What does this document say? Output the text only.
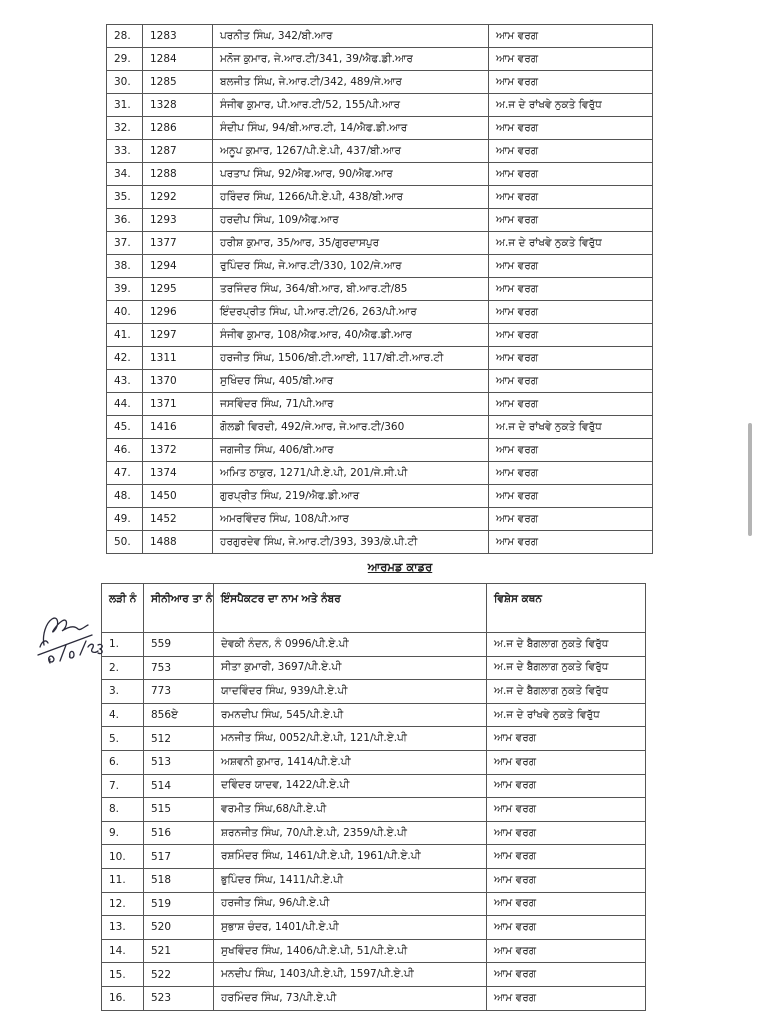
28.	1283	ਪਰਨੀਤ ਸਿੰਘ, 342/ਬੀ.ਆਰ	ਆਮ ਵਰਗ
29.	1284	ਮਨੋਜ ਕੁਮਾਰ, ਜੇ.ਆਰ.ਟੀ/341, 39/ਐਫ.ਡੀ.ਆਰ	ਆਮ ਵਰਗ
30.	1285	ਬਲਜੀਤ ਸਿੰਘ, ਜੇ.ਆਰ.ਟੀ/342, 489/ਜੇ.ਆਰ	ਆਮ ਵਰਗ
31.	1328	ਸੰਜੀਵ ਕੁਮਾਰ, ਪੀ.ਆਰ.ਟੀ/52, 155/ਪੀ.ਆਰ	ਅ.ਜ ਦੇ ਰਾਂਖਵੇ ਨੁਕਤੇ ਵਿਰੁੱਧ
32.	1286	ਸੰਦੀਪ ਸਿੰਘ, 94/ਬੀ.ਆਰ.ਟੀ, 14/ਐਫ.ਡੀ.ਆਰ	ਆਮ ਵਰਗ
33.	1287	ਅਨੂਪ ਕੁਮਾਰ, 1267/ਪੀ.ਏ.ਪੀ, 437/ਬੀ.ਆਰ	ਆਮ ਵਰਗ
34.	1288	ਪਰਤਾਪ ਸਿੰਘ, 92/ਐਫ.ਆਰ, 90/ਐਫ.ਆਰ	ਆਮ ਵਰਗ
35.	1292	ਹਰਿੰਦਰ ਸਿੰਘ, 1266/ਪੀ.ਏ.ਪੀ, 438/ਬੀ.ਆਰ	ਆਮ ਵਰਗ
36.	1293	ਹਰਦੀਪ ਸਿੰਘ, 109/ਐਫ.ਆਰ	ਆਮ ਵਰਗ
37.	1377	ਹਰੀਸ਼ ਕੁਮਾਰ, 35/ਆਰ, 35/ਗੁਰਦਾਸਪੁਰ	ਅ.ਜ ਦੇ ਰਾਂਖਵੇ ਨੁਕਤੇ ਵਿਰੁੱਧ
38.	1294	ਰੁਪਿੰਦਰ ਸਿੰਘ, ਜੇ.ਆਰ.ਟੀ/330, 102/ਜੇ.ਆਰ	ਆਮ ਵਰਗ
39.	1295	ਤਰਜਿੰਦਰ ਸਿੰਘ, 364/ਬੀ.ਆਰ, ਬੀ.ਆਰ.ਟੀ/85	ਆਮ ਵਰਗ
40.	1296	ਇੰਦਰਪ੍ਰੀਤ ਸਿੰਘ, ਪੀ.ਆਰ.ਟੀ/26, 263/ਪੀ.ਆਰ	ਆਮ ਵਰਗ
41.	1297	ਸੰਜੀਵ ਕੁਮਾਰ, 108/ਐਫ.ਆਰ, 40/ਐਫ.ਡੀ.ਆਰ	ਆਮ ਵਰਗ
42.	1311	ਹਰਜੀਤ ਸਿੰਘ, 1506/ਬੀ.ਟੀ.ਆਈ, 117/ਬੀ.ਟੀ.ਆਰ.ਟੀ	ਆਮ ਵਰਗ
43.	1370	ਸੁਖਿੰਦਰ ਸਿੰਘ, 405/ਬੀ.ਆਰ	ਆਮ ਵਰਗ
44.	1371	ਜਸਵਿੰਦਰ ਸਿੰਘ, 71/ਪੀ.ਆਰ	ਆਮ ਵਰਗ
45.	1416	ਗੋਲਡੀ ਵਿਰਦੀ, 492/ਜੇ.ਆਰ, ਜੇ.ਆਰ.ਟੀ/360	ਅ.ਜ ਦੇ ਰਾਂਖਵੇ ਨੁਕਤੇ ਵਿਰੁੱਧ
46.	1372	ਜਗਜੀਤ ਸਿੰਘ, 406/ਬੀ.ਆਰ	ਆਮ ਵਰਗ
47.	1374	ਅਮਿਤ ਠਾਕੁਰ, 1271/ਪੀ.ਏ.ਪੀ, 201/ਜੇ.ਸੀ.ਪੀ	ਆਮ ਵਰਗ
48.	1450	ਗੁਰਪ੍ਰੀਤ ਸਿੰਘ, 219/ਐਫ.ਡੀ.ਆਰ	ਆਮ ਵਰਗ
49.	1452	ਅਮਰਵਿੰਦਰ ਸਿੰਘ, 108/ਪੀ.ਆਰ	ਆਮ ਵਰਗ
50.	1488	ਹਰਗੁਰਦੇਵ ਸਿੰਘ, ਜੇ.ਆਰ.ਟੀ/393, 393/ਕੇ.ਪੀ.ਟੀ	ਆਮ ਵਰਗ
ਆਰਮਡ ਕਾਡਰ
ਲੜੀ ਨੰ	ਸੀਨੀਆਰ ਤਾ ਨੰ	ਇੰਸਪੈਕਟਰ ਦਾ ਨਾਮ ਅਤੇ ਨੰਬਰ	ਵਿਸ਼ੇਸ ਕਥਨ
1.	559	ਦੇਵਕੀ ਨੰਦਨ, ਨੰ 0996/ਪੀ.ਏ.ਪੀ	ਅ.ਜ ਦੇ ਬੈਗਲਾਗ ਨੁਕਤੇ ਵਿਰੁੱਧ
2.	753	ਸੀਤਾ ਕੁਮਾਰੀ, 3697/ਪੀ.ਏ.ਪੀ	ਅ.ਜ ਦੇ ਬੈਗਲਾਗ ਨੁਕਤੇ ਵਿਰੁੱਧ
3.	773	ਯਾਦਵਿੰਦਰ ਸਿੰਘ, 939/ਪੀ.ਏ.ਪੀ	ਅ.ਜ ਦੇ ਬੈਗਲਾਗ ਨੁਕਤੇ ਵਿਰੁੱਧ
4.	856ਏ	ਰਮਨਦੀਪ ਸਿੰਘ, 545/ਪੀ.ਏ.ਪੀ	ਅ.ਜ ਦੇ ਰਾਂਖਵੇ ਨੁਕਤੇ ਵਿਰੁੱਧ
5.	512	ਮਨਜੀਤ ਸਿੰਘ, 0052/ਪੀ.ਏ.ਪੀ, 121/ਪੀ.ਏ.ਪੀ	ਆਮ ਵਰਗ
6.	513	ਅਸ਼ਵਨੀ ਕੁਮਾਰ, 1414/ਪੀ.ਏ.ਪੀ	ਆਮ ਵਰਗ
7.	514	ਦਵਿੰਦਰ ਯਾਦਵ, 1422/ਪੀ.ਏ.ਪੀ	ਆਮ ਵਰਗ
8.	515	ਵਰਮੀਤ ਸਿੰਘ,68/ਪੀ.ਏ.ਪੀ	ਆਮ ਵਰਗ
9.	516	ਸ਼ਰਨਜੀਤ ਸਿੰਘ, 70/ਪੀ.ਏ.ਪੀ, 2359/ਪੀ.ਏ.ਪੀ	ਆਮ ਵਰਗ
10.	517	ਰਸ਼ਮਿੰਦਰ ਸਿੰਘ, 1461/ਪੀ.ਏ.ਪੀ, 1961/ਪੀ.ਏ.ਪੀ	ਆਮ ਵਰਗ
11.	518	ਭੁਪਿੰਦਰ ਸਿੰਘ, 1411/ਪੀ.ਏ.ਪੀ	ਆਮ ਵਰਗ
12.	519	ਹਰਜੀਤ ਸਿੰਘ, 96/ਪੀ.ਏ.ਪੀ	ਆਮ ਵਰਗ
13.	520	ਸੁਭਾਸ਼ ਚੰਦਰ, 1401/ਪੀ.ਏ.ਪੀ	ਆਮ ਵਰਗ
14.	521	ਸੁਖਵਿੰਦਰ ਸਿੰਘ, 1406/ਪੀ.ਏ.ਪੀ, 51/ਪੀ.ਏ.ਪੀ	ਆਮ ਵਰਗ
15.	522	ਮਨਦੀਪ ਸਿੰਘ, 1403/ਪੀ.ਏ.ਪੀ, 1597/ਪੀ.ਏ.ਪੀ	ਆਮ ਵਰਗ
16.	523	ਹਰਮਿੰਦਰ ਸਿੰਘ, 73/ਪੀ.ਏ.ਪੀ	ਆਮ ਵਰਗ
